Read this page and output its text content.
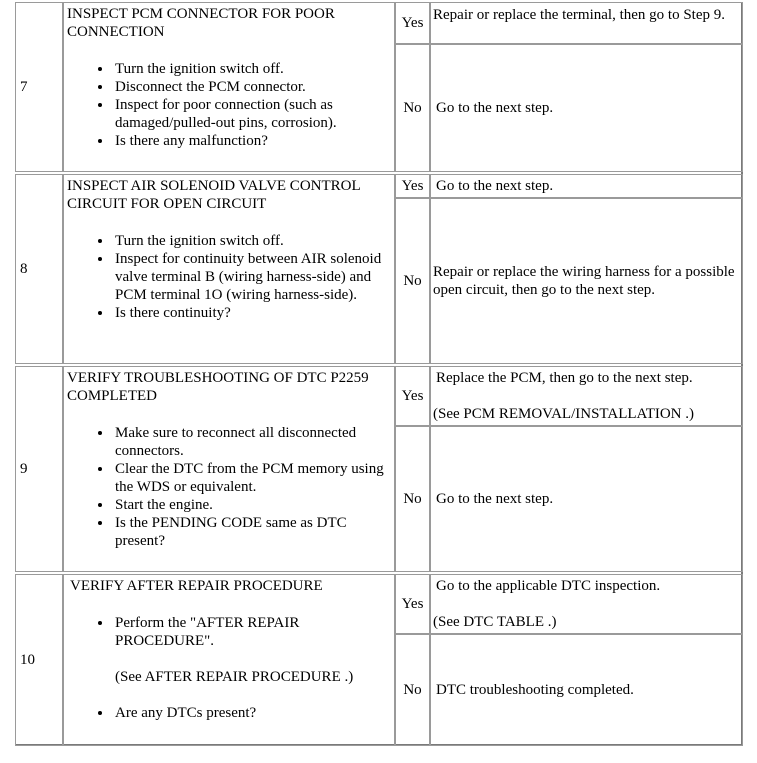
7

INSPECT PCM CONNECTOR FOR POOR CONNECTION

• Turn the ignition switch off.
• Disconnect the PCM connector.
• Inspect for poor connection (such as damaged/pulled-out pins, corrosion).
• Is there any malfunction?
Yes Repair or replace the terminal, then go to Step 9.

No Go to the next step.

8

INSPECT AIR SOLENOID VALVE CONTROL CIRCUIT FOR OPEN CIRCUIT

• Turn the ignition switch off.
• Inspect for continuity between AIR solenoid valve terminal B (wiring harness-side) and PCM terminal 1O (wiring harness-side).
• Is there continuity?
Yes Go to the next step.

No

Repair or replace the wiring harness for a possible open circuit, then go to the next step.

9

VERIFY TROUBLESHOOTING OF DTC P2259 COMPLETED

• Make sure to reconnect all disconnected connectors.
• Clear the DTC from the PCM memory using the WDS or equivalent.
• Start the engine.
• Is the PENDING CODE same as DTC present?
Yes

Replace the PCM, then go to the next step.

(See PCM REMOVAL/INSTALLATION .)

No Go to the next step.

10

VERIFY AFTER REPAIR PROCEDURE

• Perform the "AFTER REPAIR PROCEDURE".
(See AFTER REPAIR PROCEDURE .)
• Are any DTCs present?
Yes

Go to the applicable DTC inspection.

(See DTC TABLE .)

No DTC troubleshooting completed.
